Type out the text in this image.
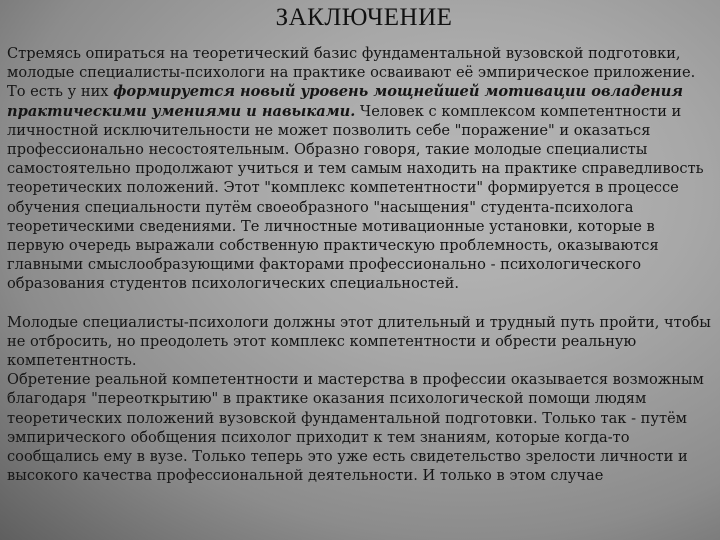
ЗАКЛЮЧЕНИЕ

Стремясь опираться на теоретический базис фундаментальной вузовской подготовки, молодые специалисты-психологи на практике осваивают её эмпирическое приложение. То есть у них формируется новый уровень мощнейшей мотивации овладения практическими умениями и навыками. Человек с комплексом компетентности и личностной исключительности не может позволить себе "поражение" и оказаться профессионально несостоятельным. Образно говоря, такие молодые специалисты самостоятельно продолжают учиться и тем самым находить на практике справедливость теоретических положений. Этот "комплекс компетентности" формируется в процессе обучения специальности путём своеобразного "насыщения" студента-психолога теоретическими сведениями. Те личностные мотивационные установки, которые в первую очередь выражали собственную практическую проблемность, оказываются главными смыслообразующими факторами профессионально - психологического образования студентов психологических специальностей.

Молодые специалисты-психологи должны этот длительный и трудный путь пройти, чтобы не отбросить, но преодолеть этот комплекс компетентности и обрести реальную компетентность.

Обретение реальной компетентности и мастерства в профессии оказывается возможным благодаря "переоткрытию" в практике оказания психологической помощи людям теоретических положений вузовской фундаментальной подготовки. Только так - путём эмпирического обобщения психолог приходит к тем знаниям, которые когда-то сообщались ему в вузе. Только теперь это уже есть свидетельство зрелости личности и высокого качества профессиональной деятельности. И только в этом случае
